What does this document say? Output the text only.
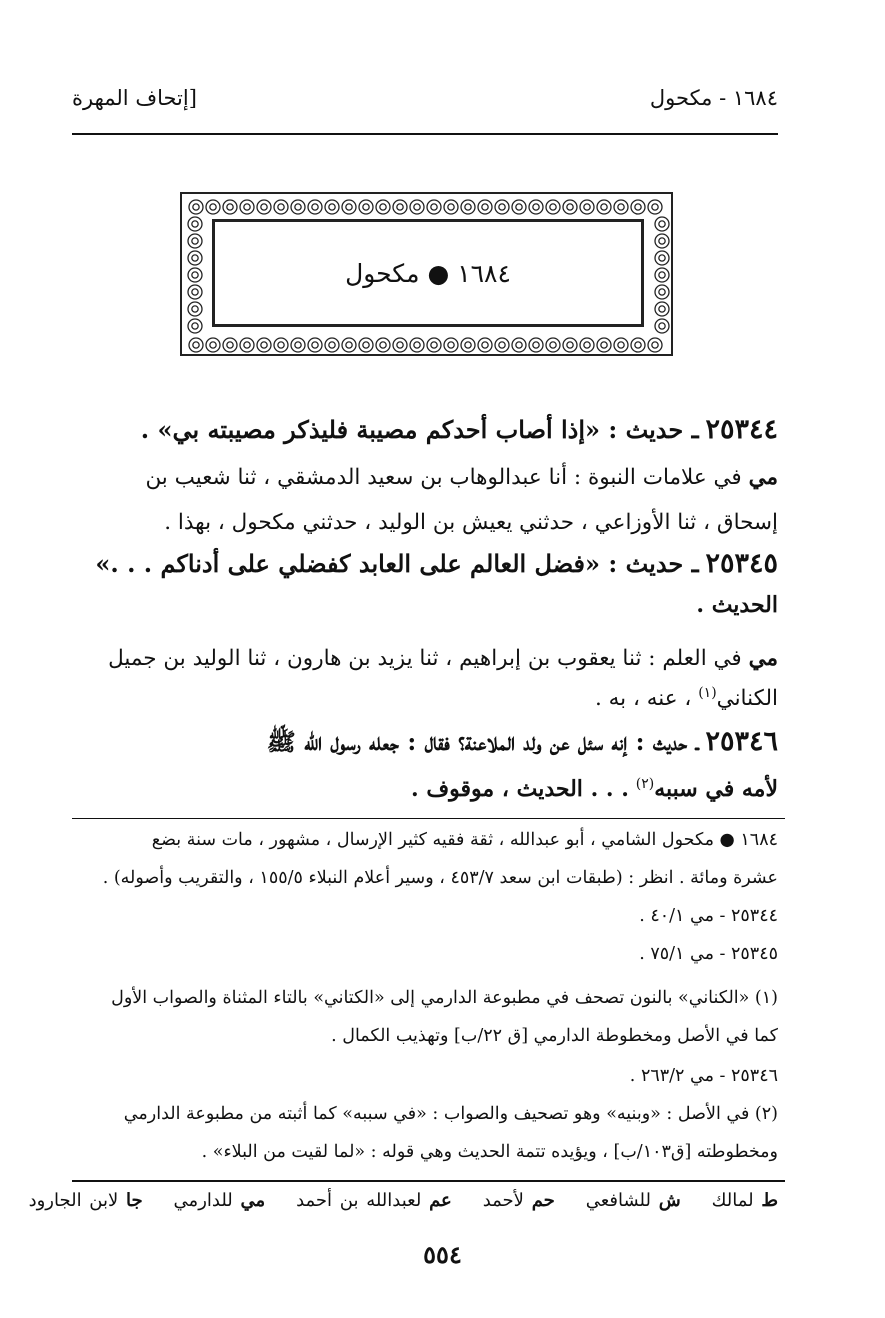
١٦٨٤ - مكحول
[إتحاف المهرة
١٦٨٤ ● مكحول
٢٥٣٤٤ ـ حديث : «إذا أصاب أحدكم مصيبة فليذكر مصيبته بي» .
مي في علامات النبوة : أنا عبدالوهاب بن سعيد الدمشقي ، ثنا شعيب بن
إسحاق ، ثنا الأوزاعي ، حدثني يعيش بن الوليد ، حدثني مكحول ، بهذا .
٢٥٣٤٥ ـ حديث : «فضل العالم على العابد كفضلي على أدناكم . . .»
الحديث .
مي في العلم : ثنا يعقوب بن إبراهيم ، ثنا يزيد بن هارون ، ثنا الوليد بن جميل
الكناني$^{(١)}$ ، عنه ، به .
٢٥٣٤٦ ـ حديث : إنه سئل عن ولد الملاعنة؟ فقال : جعله رسول الله ﷺ
لأمه في سببه$^{(٢)}$ . . . الحديث ، موقوف .
١٦٨٤ ● مكحول الشامي ، أبو عبدالله ، ثقة فقيه كثير الإرسال ، مشهور ، مات سنة بضع
عشرة ومائة . انظر : (طبقات ابن سعد ٤٥٣/٧ ، وسير أعلام النبلاء ١٥٥/٥ ، والتقريب وأصوله) .
٢٥٣٤٤ - مي ٤٠/١ .
٢٥٣٤٥ - مي ٧٥/١ .
(١) «الكناني» بالنون تصحف في مطبوعة الدارمي إلى «الكتاني» بالتاء المثناة والصواب الأول
كما في الأصل ومخطوطة الدارمي [ق ٢٢/ب] وتهذيب الكمال .
٢٥٣٤٦ - مي ٢٦٣/٢ .
(٢) في الأصل : «وبنيه» وهو تصحيف والصواب : «في سببه» كما أثبته من مطبوعة الدارمي
ومخطوطته [ق١٠٣/ب] ، ويؤيده تتمة الحديث وهي قوله : «لما لقيت من البلاء» .
ط لمالك    ش للشافعي    حم لأحمد    عم لعبدالله بن أحمد    مي للدارمي    جا لابن الجارود
٥٥٤
